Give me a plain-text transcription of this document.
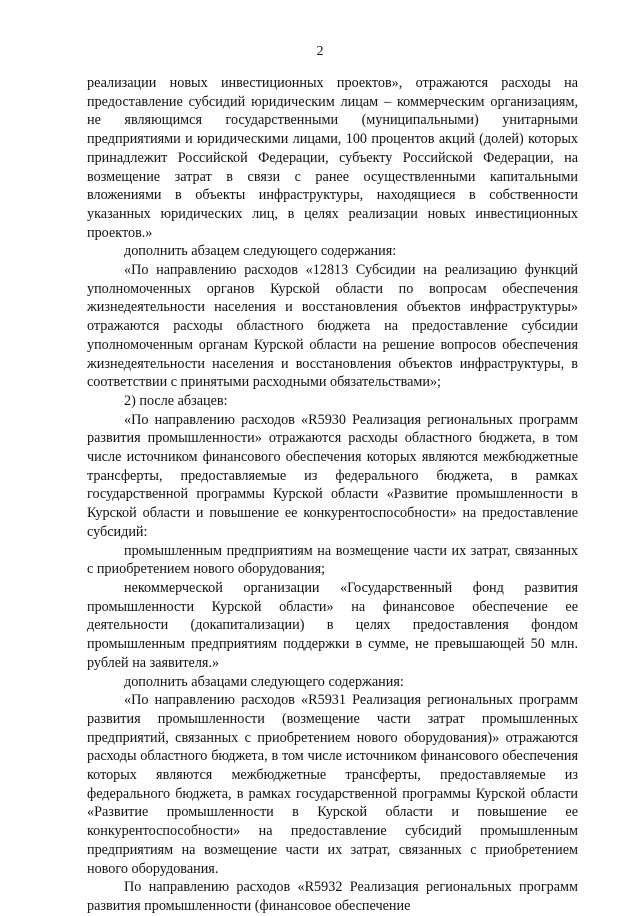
2

реализации новых инвестиционных проектов», отражаются расходы на предоставление субсидий юридическим лицам – коммерческим организациям, не являющимся государственными (муниципальными) унитарными предприятиями и юридическими лицами, 100 процентов акций (долей) которых принадлежит Российской Федерации, субъекту Российской Федерации, на возмещение затрат в связи с ранее осуществленными капитальными вложениями в объекты инфраструктуры, находящиеся в собственности указанных юридических лиц, в целях реализации новых инвестиционных проектов.»

дополнить абзацем следующего содержания:

«По направлению расходов «12813 Субсидии на реализацию функций уполномоченных органов Курской области по вопросам обеспечения жизнедеятельности населения и восстановления объектов инфраструктуры» отражаются расходы областного бюджета на предоставление субсидии уполномоченным органам Курской области на решение вопросов обеспечения жизнедеятельности населения и восстановления объектов инфраструктуры, в соответствии с принятыми расходными обязательствами»;

2) после абзацев:

«По направлению расходов «R5930 Реализация региональных программ развития промышленности» отражаются расходы областного бюджета, в том числе источником финансового обеспечения которых являются межбюджетные трансферты, предоставляемые из федерального бюджета, в рамках государственной программы Курской области «Развитие промышленности в Курской области и повышение ее конкурентоспособности» на предоставление субсидий:

промышленным предприятиям на возмещение части их затрат, связанных с приобретением нового оборудования;

некоммерческой организации «Государственный фонд развития промышленности Курской области» на финансовое обеспечение ее деятельности (докапитализации) в целях предоставления фондом промышленным предприятиям поддержки в сумме, не превышающей 50 млн. рублей на заявителя.»

дополнить абзацами следующего содержания:

«По направлению расходов «R5931 Реализация региональных программ развития промышленности (возмещение части затрат промышленных предприятий, связанных с приобретением нового оборудования)» отражаются расходы областного бюджета, в том числе источником финансового обеспечения которых являются межбюджетные трансферты, предоставляемые из федерального бюджета, в рамках государственной программы Курской области «Развитие промышленности в Курской области и повышение ее конкурентоспособности» на предоставление субсидий промышленным предприятиям на возмещение части их затрат, связанных с приобретением нового оборудования.

По направлению расходов «R5932 Реализация региональных программ развития промышленности (финансовое обеспечение
